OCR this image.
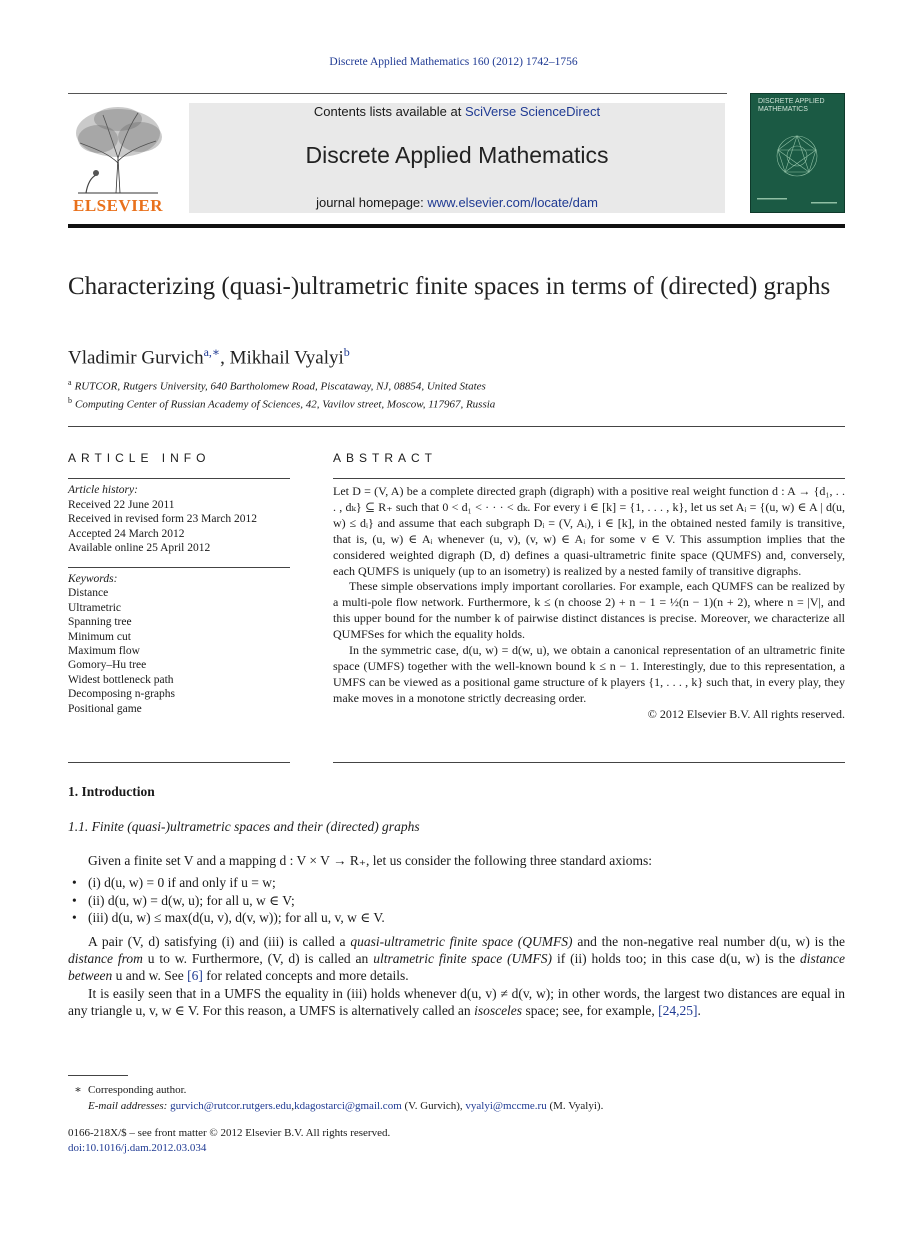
Discrete Applied Mathematics 160 (2012) 1742–1756
ELSEVIER
Contents lists available at SciVerse ScienceDirect
Discrete Applied Mathematics
journal homepage: www.elsevier.com/locate/dam
DISCRETE APPLIED MATHEMATICS
Characterizing (quasi-)ultrametric finite spaces in terms of (directed) graphs
Vladimir Gurvich$^{a,∗}$, Mikhail Vyalyi$^b$
$^a$ RUTCOR, Rutgers University, 640 Bartholomew Road, Piscataway, NJ, 08854, United States
$^b$ Computing Center of Russian Academy of Sciences, 42, Vavilov street, Moscow, 117967, Russia
ARTICLE INFO
Article history:
Received 22 June 2011
Received in revised form 23 March 2012
Accepted 24 March 2012
Available online 25 April 2012
Keywords:
Distance
Ultrametric
Spanning tree
Minimum cut
Maximum flow
Gomory–Hu tree
Widest bottleneck path
Decomposing n-graphs
Positional game
ABSTRACT

Let D = (V, A) be a complete directed graph (digraph) with a positive real weight function d : A → {d₁, . . . , dₖ} ⊆ R₊ such that 0 < d₁ < · · · < dₖ. For every i ∈ [k] = {1, . . . , k}, let us set Aᵢ = {(u, w) ∈ A | d(u, w) ≤ dᵢ} and assume that each subgraph Dᵢ = (V, Aᵢ), i ∈ [k], in the obtained nested family is transitive, that is, (u, w) ∈ Aᵢ whenever (u, v), (v, w) ∈ Aᵢ for some v ∈ V. This assumption implies that the considered weighted digraph (D, d) defines a quasi-ultrametric finite space (QUMFS) and, conversely, each QUMFS is uniquely (up to an isometry) is realized by a nested family of transitive digraphs.

These simple observations imply important corollaries. For example, each QUMFS can be realized by a multi-pole flow network. Furthermore, k ≤ (n choose 2) + n − 1 = ½(n − 1)(n + 2), where n = |V|, and this upper bound for the number k of pairwise distinct distances is precise. Moreover, we characterize all QUMFSes for which the equality holds.

In the symmetric case, d(u, w) = d(w, u), we obtain a canonical representation of an ultrametric finite space (UMFS) together with the well-known bound k ≤ n − 1. Interestingly, due to this representation, a UMFS can be viewed as a positional game structure of k players {1, . . . , k} such that, in every play, they make moves in a monotone strictly decreasing order.

© 2012 Elsevier B.V. All rights reserved.
1. Introduction
1.1. Finite (quasi-)ultrametric spaces and their (directed) graphs

Given a finite set V and a mapping d : V × V → R₊, let us consider the following three standard axioms:

• (i) d(u, w) = 0 if and only if u = w;
• (ii) d(u, w) = d(w, u); for all u, w ∈ V;
• (iii) d(u, w) ≤ max(d(u, v), d(v, w)); for all u, v, w ∈ V.

A pair (V, d) satisfying (i) and (iii) is called a quasi-ultrametric finite space (QUMFS) and the non-negative real number d(u, w) is the distance from u to w. Furthermore, (V, d) is called an ultrametric finite space (UMFS) if (ii) holds too; in this case d(u, w) is the distance between u and w. See [6] for related concepts and more details.

It is easily seen that in a UMFS the equality in (iii) holds whenever d(u, v) ≠ d(v, w); in other words, the largest two distances are equal in any triangle u, v, w ∈ V. For this reason, a UMFS is alternatively called an isosceles space; see, for example, [24,25].

∗ Corresponding author.
E-mail addresses: gurvich@rutcor.rutgers.edu,kdagostarci@gmail.com (V. Gurvich), vyalyi@mccme.ru (M. Vyalyi).
0166-218X/$ – see front matter © 2012 Elsevier B.V. All rights reserved.
doi:10.1016/j.dam.2012.03.034
